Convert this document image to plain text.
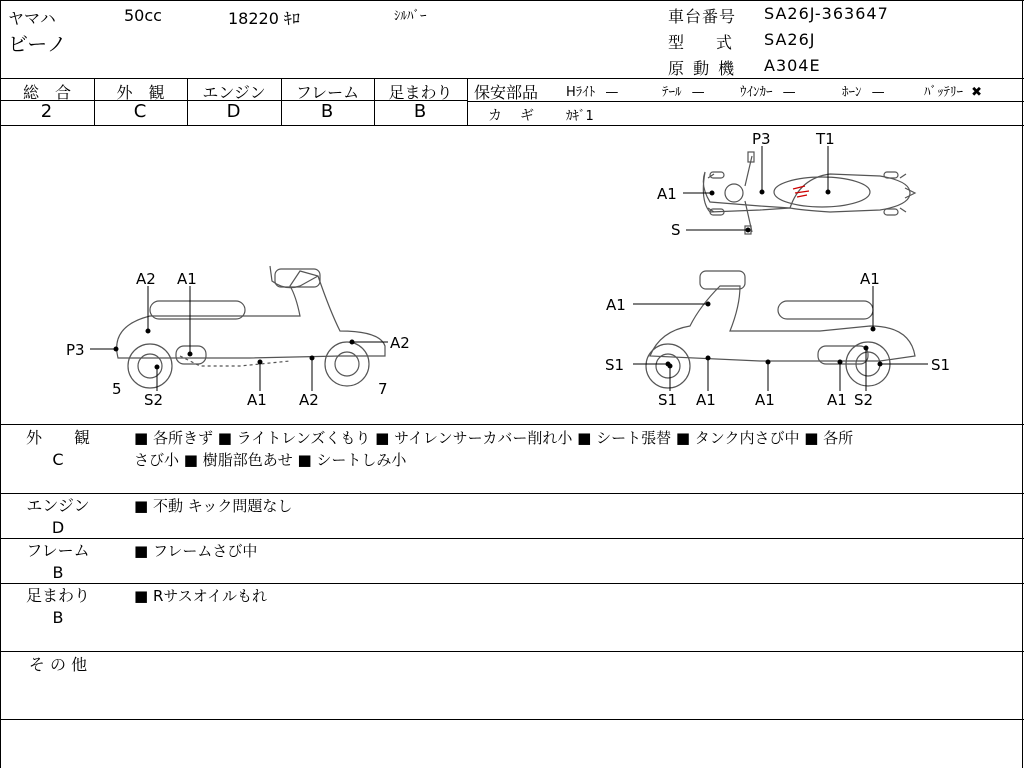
ヤマハ	50cc	18220 ｷﾛ	ｼﾙﾊﾞｰ
ビーノ
車台番号 SA26J-363647
型　　式 SA26J
原 動 機 A304E
総　合
2
外　観
C
エンジン
D
フレーム
B
足まわり
B
保安部品 Hﾗｲﾄ —	ﾃｰﾙ —	ｳｲﾝｶｰ —	ﾎｰﾝ —	ﾊﾞｯﾃﾘｰ ✖
カ　ギ ｶｷﾞ1
P3	T1
A1
S
A2 A1
P3	A2
5
S2	A1 A2
7
A1
A1
S1	S1
S1 A1	A1	A1 S2
外　　観
C
■ 各所きず ■ ライトレンズくもり ■ サイレンサーカバー削れ小 ■ シート張替 ■ タンク内さび中 ■ 各所
さび小 ■ 樹脂部色あせ ■ シートしみ小
エンジン
D
■ 不動 キック問題なし
フレーム
B
■ フレームさび中
足まわり
B
■ Rサスオイルもれ
そ の 他
